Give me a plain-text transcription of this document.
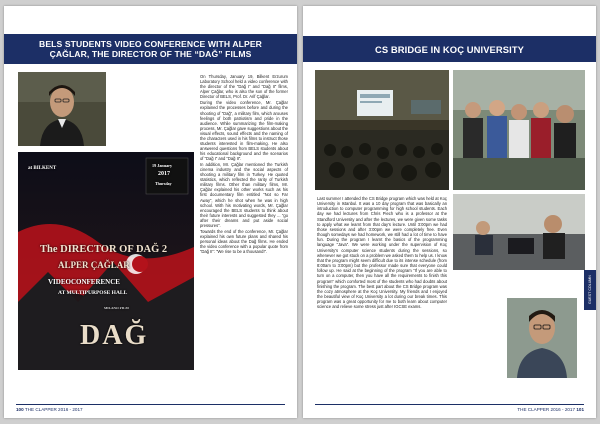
BELS STUDENTS VIDEO CONFERENCE WITH ALPER
ÇAĞLAR, THE DIRECTOR OF THE “DAĞ” FILMS
at BILKENT
19 January
2017
Thursday
The DIRECTOR OF DAĞ 2
ALPER ÇAĞLAR
VIDEOCONFERENCE
AT MULTIPURPOSE HALL
MILANO FILM
DAĞ

On Thursday, January 19, Bilkent Erzurum Laboratory School held a video conference with the director of the “Dağ I” and “Dağ II” films, Alper Çağlar, who is also the son of the former Director of BELS, Prof. Dr. Arif Çağlar.

During the video conference, Mr. Çağlar explained the processes before and during the shooting of “Dağ”, a military film, which arouses feelings of both patriotism and pride in the audience. While summarizing the film-making process, Mr. Çağlar gave suggestions about the visual effects, sound effects and the naming of the characters used in his films to instruct those students interested in film-making. He also answered questions from BELS students about his educational background and the scenarios of “Dağ I” and “Dağ II”.

In addition, Mr. Çağlar mentioned the Turkish cinema industry and the social aspects of shooting a military film in Turkey. He quoted statistics, which reflected the rarity of Turkish military films. Other than military films, Mr. Çağlar explained his other works such as his first documentary film entitled “Not so Far Away”, which he shot when he was in high school. With his motivating words, Mr. Çağlar encouraged the BELS students to think about their future interests and suggested they ... “go after their dreams and put aside social pressures”.

Towards the end of the conference, Mr. Çağlar explained his own future plans and shared his personal ideas about the Dağ films. He ended the video conference with a popular quote from “Dağ II”: “We rise to be a thousand!”.

100 THE CLAPPER 2016 - 2017
CS BRIDGE IN KOÇ UNIVERSITY

Last summer I attended the CS Bridge program which was held at Koç University in Istanbul. It was a 10 day program that was basically an introduction to computer programming for high school students. Each day we had lectures from Chris Piech who is a professor at the Standford University and after the lectures, we were given some tasks to apply what we learnt from that day's lecture. Until 3:00pm we had those sessions and after 3:00pm we were completely free. Even though somedays we had homework, we still had a lot of time to have fun. During the program I learnt the basics of the programming language “Java”. We were working under the supervision of Koç University's computer science students during the sessions, so whenever we got stuck on a problem we asked them to help us. I know that the program might seem difficult due to its intense schedule (from 8:00am to 3:00pm) but the professor made sure that everyone could follow up. He said at the beginning of the program “If you are able to turn on a computer, then you have all the requirements to finish this program” which comforted most of the students who had doubts about finishing the program. The best part about the CS Bridge program was the cozy atmosphere at the Koç University. My friends and I enjoyed the beautiful view of Koç University a lot during our break times. This program was a great opportunity for me to both learn about computer science and relieve some stress just after IGCSE exams.

GUEST COLUMN
THE CLAPPER 2016 - 2017 101
